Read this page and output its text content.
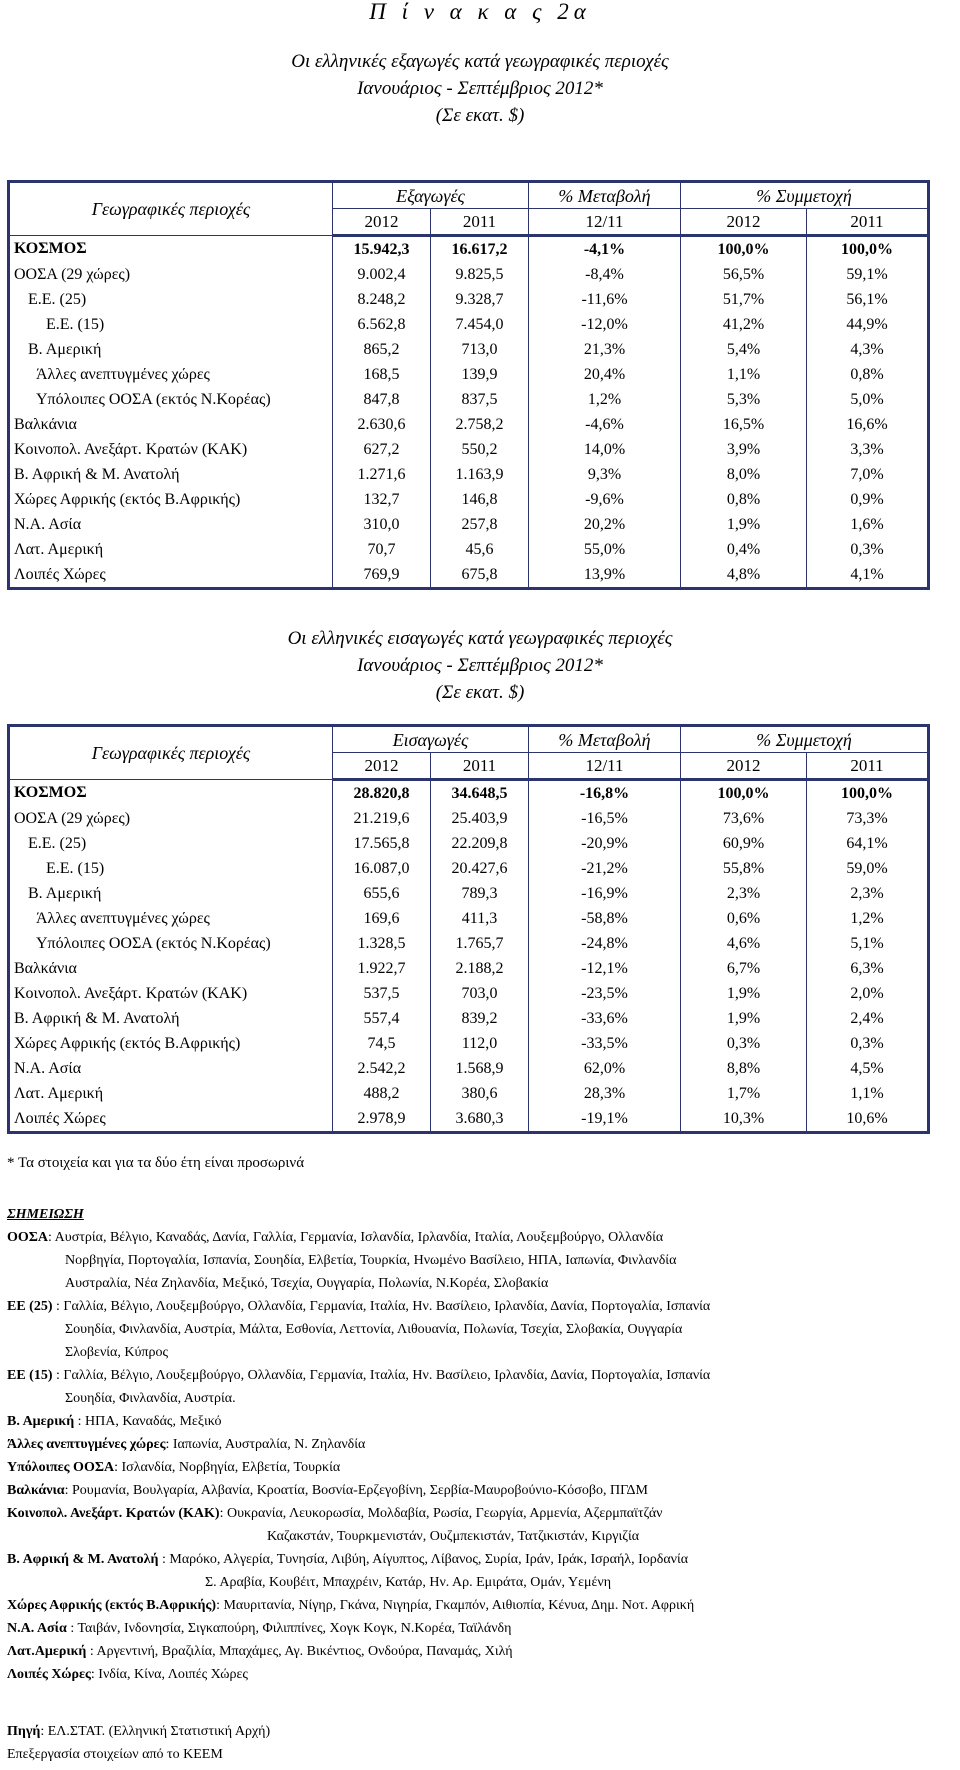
Π ί ν α κ α ς 2α
Οι ελληνικές εξαγωγές κατά γεωγραφικές περιοχές
Ιανουάριος - Σεπτέμβριος 2012*
(Σε εκατ. $)
Γεωγραφικές περιοχές	Εξαγωγές		% Μεταβολή	% Συμμετοχή	
	2012	2011	12/11	2012	2011
ΚΟΣΜΟΣ	15.942,3	16.617,2	-4,1%	100,0%	100,0%
ΟΟΣΑ (29 χώρες)	9.002,4	9.825,5	-8,4%	56,5%	59,1%
Ε.Ε. (25)	8.248,2	9.328,7	-11,6%	51,7%	56,1%
Ε.Ε. (15)	6.562,8	7.454,0	-12,0%	41,2%	44,9%
Β. Αμερική	865,2	713,0	21,3%	5,4%	4,3%
Άλλες ανεπτυγμένες χώρες	168,5	139,9	20,4%	1,1%	0,8%
Υπόλοιπες ΟΟΣΑ (εκτός Ν.Κορέας)	847,8	837,5	1,2%	5,3%	5,0%
Βαλκάνια	2.630,6	2.758,2	-4,6%	16,5%	16,6%
Κοινοπολ. Ανεξάρτ. Κρατών (ΚΑΚ)	627,2	550,2	14,0%	3,9%	3,3%
Β. Αφρική & Μ. Ανατολή	1.271,6	1.163,9	9,3%	8,0%	7,0%
Χώρες Αφρικής (εκτός Β.Αφρικής)	132,7	146,8	-9,6%	0,8%	0,9%
Ν.Α. Ασία	310,0	257,8	20,2%	1,9%	1,6%
Λατ. Αμερική	70,7	45,6	55,0%	0,4%	0,3%
Λοιπές Χώρες	769,9	675,8	13,9%	4,8%	4,1%
Οι ελληνικές εισαγωγές κατά γεωγραφικές περιοχές
Ιανουάριος - Σεπτέμβριος 2012*
(Σε εκατ. $)
Γεωγραφικές περιοχές	Εισαγωγές		% Μεταβολή	% Συμμετοχή	
	2012	2011	12/11	2012	2011
ΚΟΣΜΟΣ	28.820,8	34.648,5	-16,8%	100,0%	100,0%
ΟΟΣΑ (29 χώρες)	21.219,6	25.403,9	-16,5%	73,6%	73,3%
Ε.Ε. (25)	17.565,8	22.209,8	-20,9%	60,9%	64,1%
Ε.Ε. (15)	16.087,0	20.427,6	-21,2%	55,8%	59,0%
Β. Αμερική	655,6	789,3	-16,9%	2,3%	2,3%
Άλλες ανεπτυγμένες χώρες	169,6	411,3	-58,8%	0,6%	1,2%
Υπόλοιπες ΟΟΣΑ (εκτός Ν.Κορέας)	1.328,5	1.765,7	-24,8%	4,6%	5,1%
Βαλκάνια	1.922,7	2.188,2	-12,1%	6,7%	6,3%
Κοινοπολ. Ανεξάρτ. Κρατών (ΚΑΚ)	537,5	703,0	-23,5%	1,9%	2,0%
Β. Αφρική & Μ. Ανατολή	557,4	839,2	-33,6%	1,9%	2,4%
Χώρες Αφρικής (εκτός Β.Αφρικής)	74,5	112,0	-33,5%	0,3%	0,3%
Ν.Α. Ασία	2.542,2	1.568,9	62,0%	8,8%	4,5%
Λατ. Αμερική	488,2	380,6	28,3%	1,7%	1,1%
Λοιπές Χώρες	2.978,9	3.680,3	-19,1%	10,3%	10,6%
* Τα στοιχεία και για τα δύο έτη είναι προσωρινά
ΣΗΜΕΙΩΣΗ
ΟΟΣΑ: Αυστρία, Βέλγιο, Καναδάς, Δανία, Γαλλία, Γερμανία, Ισλανδία, Ιρλανδία, Ιταλία, Λουξεμβούργο, Ολλανδία
Νορβηγία, Πορτογαλία, Ισπανία, Σουηδία, Ελβετία, Τουρκία, Ηνωμένο Βασίλειο, ΗΠΑ, Ιαπωνία, Φινλανδία
Αυστραλία, Νέα Ζηλανδία, Μεξικό, Τσεχία, Ουγγαρία, Πολωνία, Ν.Κορέα, Σλοβακία
ΕΕ (25) : Γαλλία, Βέλγιο, Λουξεμβούργο, Ολλανδία, Γερμανία, Ιταλία, Ην. Βασίλειο, Ιρλανδία, Δανία, Πορτογαλία, Ισπανία
Σουηδία, Φινλανδία, Αυστρία, Μάλτα, Εσθονία, Λεττονία, Λιθουανία, Πολωνία, Τσεχία, Σλοβακία, Ουγγαρία
Σλοβενία, Κύπρος
ΕΕ (15) : Γαλλία, Βέλγιο, Λουξεμβούργο, Ολλανδία, Γερμανία, Ιταλία, Ην. Βασίλειο, Ιρλανδία, Δανία, Πορτογαλία, Ισπανία
Σουηδία, Φινλανδία, Αυστρία.
Β. Αμερική : ΗΠΑ, Καναδάς, Μεξικό
Άλλες ανεπτυγμένες χώρες: Ιαπωνία, Αυστραλία, Ν. Ζηλανδία
Υπόλοιπες ΟΟΣΑ: Ισλανδία, Νορβηγία, Ελβετία, Τουρκία
Βαλκάνια: Ρουμανία, Βουλγαρία, Αλβανία, Κροατία, Βοσνία-Ερζεγοβίνη, Σερβία-Μαυροβούνιο-Κόσοβο, ΠΓΔΜ
Κοινοπολ. Ανεξάρτ. Κρατών (ΚΑΚ): Ουκρανία, Λευκορωσία, Μολδαβία, Ρωσία, Γεωργία, Αρμενία, Αζερμπαϊτζάν
Καζακστάν, Τουρκμενιστάν, Ουζμπεκιστάν, Τατζικιστάν, Κιργιζία
Β. Αφρική & Μ. Ανατολή : Μαρόκο, Αλγερία, Τυνησία, Λιβύη, Αίγυπτος, Λίβανος, Συρία, Ιράν, Ιράκ, Ισραήλ, Ιορδανία
Σ. Αραβία, Κουβέιτ, Μπαχρέιν, Κατάρ, Ην. Αρ. Εμιράτα, Ομάν, Υεμένη
Χώρες Αφρικής (εκτός Β.Αφρικής): Μαυριτανία, Νίγηρ, Γκάνα, Νιγηρία, Γκαμπόν, Αιθιοπία, Κένυα, Δημ. Νοτ. Αφρική
Ν.Α. Ασία : Ταιβάν, Ινδονησία, Σιγκαπούρη, Φιλιππίνες, Χογκ Κογκ, Ν.Κορέα, Ταϊλάνδη
Λατ.Αμερική : Αργεντινή, Βραζιλία, Μπαχάμες, Αγ. Βικέντιος, Ονδούρα, Παναμάς, Χιλή
Λοιπές Χώρες: Ινδία, Κίνα, Λοιπές Χώρες
Πηγή: ΕΛ.ΣΤΑΤ. (Ελληνική Στατιστική Αρχή)
Επεξεργασία στοιχείων από το ΚΕΕΜ
